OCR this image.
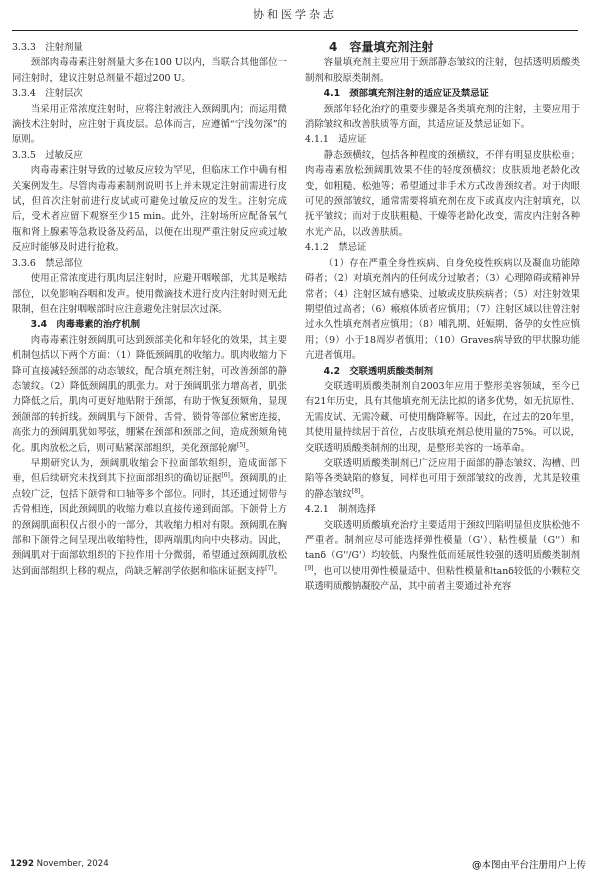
协和医学杂志

3.3.3　注射剂量

颈部肉毒毒素注射剂量大多在100 U以内，当联合其他部位一同注射时，建议注射总剂量不超过200 U。

3.3.4　注射层次

当采用正常浓度注射时，应将注射液注入颈阔肌内；而运用微滴技术注射时，应注射于真皮层。总体而言，应遵循“宁浅勿深”的原则。

3.3.5　过敏反应

肉毒毒素注射导致的过敏反应较为罕见，但临床工作中确有相关案例发生。尽管肉毒毒素制剂说明书上并未规定注射前需进行皮试，但首次注射前进行皮试或可避免过敏反应的发生。注射完成后，受术者应留下观察至少15 min。此外，注射场所应配备氧气瓶和肾上腺素等急救设备及药品，以便在出现严重注射反应或过敏反应时能够及时进行抢救。

3.3.6　禁忌部位

使用正常浓度进行肌肉层注射时，应避开咽喉部，尤其是喉结部位，以免影响吞咽和发声。使用微滴技术进行皮内注射时则无此限制，但在注射咽喉部时应注意避免注射层次过深。

3.4　肉毒毒素的治疗机制

肉毒毒素注射颈阔肌可达到颈部美化和年轻化的效果，其主要机制包括以下两个方面：（1）降低颈阔肌的收缩力。肌肉收缩力下降可直接减轻颈部的动态皱纹，配合填充剂注射，可改善颈部的静态皱纹。（2）降低颈阔肌的肌张力。对于颈阔肌张力增高者，肌张力降低之后，肌肉可更好地贴附于颈部，有助于恢复颈颏角，显现颈颌部的转折线。颈阔肌与下颌骨、舌骨、锁骨等部位紧密连接，高张力的颈阔肌犹如琴弦，绷紧在颈部和颈部之间，造成颈颏角钝化。肌肉放松之后，则可贴紧深部组织，美化颈部轮廓[5]。

早期研究认为，颈阔肌收缩会下拉面部软组织，造成面部下垂，但后续研究未找到其下拉面部组织的确切证据[6]。颈阔肌的止点较广泛，包括下颌骨和口轴等多个部位。同时，其还通过韧带与舌骨相连，因此颈阔肌的收缩力难以直接传递到面部。下颌骨上方的颈阔肌面积仅占很小的一部分，其收缩力相对有限。颈阔肌在胸部和下颌骨之间呈现出收缩特性，即两端肌肉向中央移动。因此，颈阔肌对于面部软组织的下拉作用十分微弱，希望通过颈阔肌放松达到面部组织上移的观点，尚缺乏解剖学依据和临床证据支持[7]。

4　容量填充剂注射

容量填充剂主要应用于颈部静态皱纹的注射，包括透明质酸类制剂和胶原类制剂。

4.1　颈部填充剂注射的适应证及禁忌证

颈部年轻化治疗的重要步骤是各类填充剂的注射，主要应用于消除皱纹和改善肤质等方面，其适应证及禁忌证如下。

4.1.1　适应证

静态颈横纹，包括各种程度的颈横纹，不伴有明显皮肤松垂；肉毒毒素放松颈阔肌效果不佳的轻度颈横纹；皮肤质地老龄化改变，如粗糙、松弛等；希望通过非手术方式改善颈纹者。对于肉眼可见的颈部皱纹，通常需要将填充剂在皮下或真皮内注射填充，以抚平皱纹；而对于皮肤粗糙、干燥等老龄化改变，需皮内注射各种水光产品，以改善肤质。

4.1.2　禁忌证

（1）存在严重全身性疾病、自身免疫性疾病以及凝血功能障碍者；（2）对填充剂内的任何成分过敏者；（3）心理障碍或精神异常者；（4）注射区域有感染、过敏或皮肤疾病者；（5）对注射效果期望值过高者；（6）瘢痕体质者应慎用；（7）注射区域以往曾注射过永久性填充剂者应慎用；（8）哺乳期、妊娠期、备孕的女性应慎用；（9）小于18周岁者慎用；（10）Graves病导致的甲状腺功能亢进者慎用。

4.2　交联透明质酸类制剂

交联透明质酸类制剂自2003年应用于整形美容领域，至今已有21年历史，具有其他填充剂无法比拟的诸多优势，如无抗原性、无需皮试、无需冷藏、可使用酶降解等。因此，在过去的20年里，其使用量持续居于首位，占皮肤填充剂总使用量的75%。可以说，交联透明质酸类制剂的出现，是整形美容的一场革命。

交联透明质酸类制剂已广泛应用于面部的静态皱纹、沟槽、凹陷等各类缺陷的修复，同样也可用于颈部皱纹的改善，尤其是较重的静态皱纹[8]。

4.2.1　制剂选择

交联透明质酸填充治疗主要适用于颈纹凹陷明显但皮肤松弛不严重者。制剂应尽可能选择弹性模量（G'）、粘性模量（G''）和tanδ（G''/G'）均较低、内聚性低而延展性较强的透明质酸类制剂[9]，也可以使用弹性模量适中、但粘性模量和tanδ较低的小颗粒交联透明质酸钠凝胶产品，其中前者主要通过补充容

1292 November, 2024	@本图由平台注册用户上传
